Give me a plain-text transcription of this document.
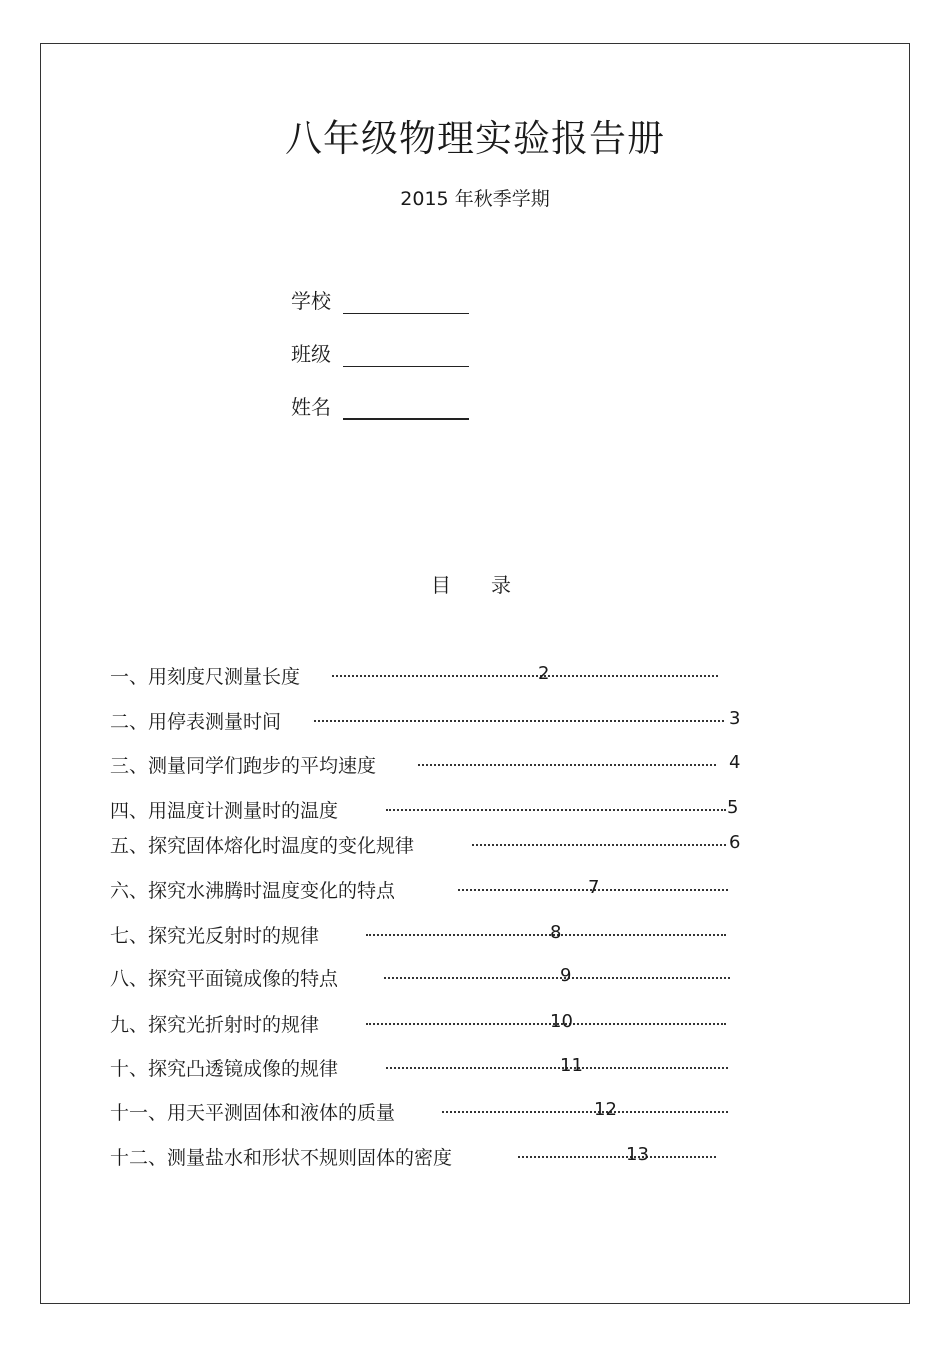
八年级物理实验报告册
2015 年秋季学期
学校
班级
姓名
目录
一、用刻度尺测量长度	2
二、用停表测量时间	3
三、测量同学们跑步的平均速度	4
四、用温度计测量时的温度	5
五、探究固体熔化时温度的变化规律	6
六、探究水沸腾时温度变化的特点	7
七、探究光反射时的规律	8
八、探究平面镜成像的特点	9
九、探究光折射时的规律	10
十、探究凸透镜成像的规律	11
十一、用天平测固体和液体的质量	12
十二、测量盐水和形状不规则固体的密度	13
